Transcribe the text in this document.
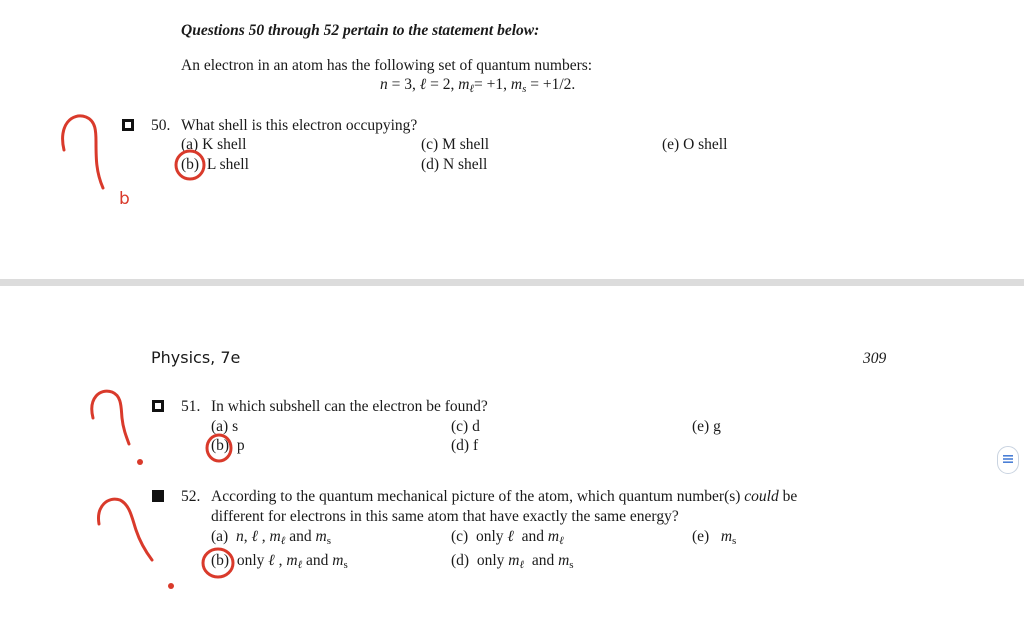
Questions 50 through 52 pertain to the statement below:
An electron in an atom has the following set of quantum numbers:
n = 3, ℓ = 2, $m_\ell= +1$, $m_s = +1/2$.
50. What shell is this electron occupying?
(a) K shell
(b) L shell
(c) M shell
(d) N shell
(e) O shell
b
Physics, 7e	309
51. In which subshell can the electron be found?
(a) s
(b) p
(c) d
(d) f
(e) g
52. According to the quantum mechanical picture of the atom, which quantum number(s) could be
different for electrons in this same atom that have exactly the same energy?
(a) n, ℓ , $m_\ell$ and $m_s$
(b) only ℓ , $m_\ell$ and $m_s$
(c) only ℓ and $m_\ell$
(d) only $m_\ell$ and $m_s$
(e)   $m_s$
